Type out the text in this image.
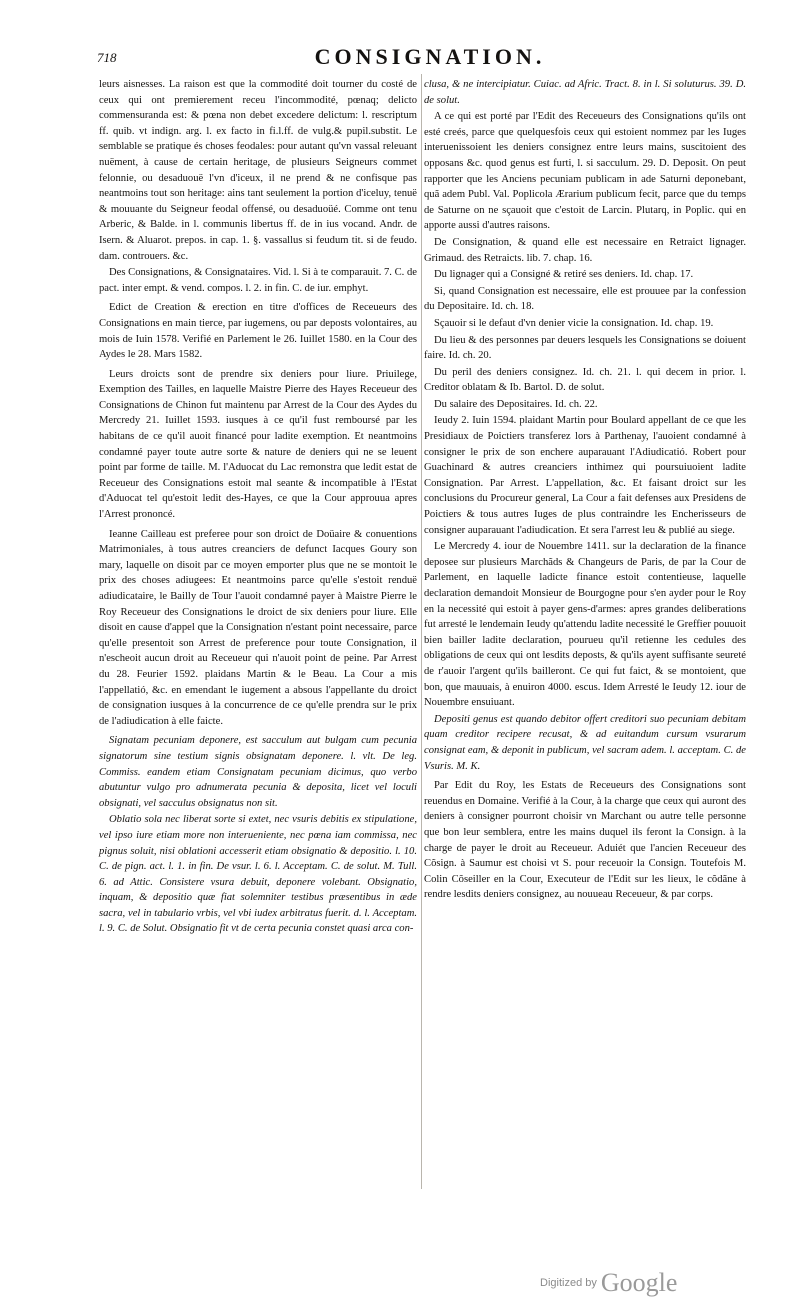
718	CONSIGNATION.

leurs aisnesses. La raison est que la commodité doit tourner du costé de ceux qui ont premierement receu l'incommodité, pœnaq; delicto commensuranda est: & pœna non debet excedere delictum: l. rescriptum ff. quib. vt indign. arg. l. ex facto in fi.l.ff. de vulg.& pupil.substit. Le semblable se pratique és choses feodales: pour autant qu'vn vassal releuant nuëment, à cause de certain heritage, de plusieurs Seigneurs commet felonnie, ou desaduouë l'vn d'iceux, il ne prend & ne confisque pas neantmoins tout son heritage: ains tant seulement la portion d'iceluy, tenuë & mouuante du Seigneur feodal offensé, ou desaduoüé. Comme ont tenu Arberic, & Balde. in l. communis libertus ff. de in ius vocand. Andr. de Isern. & Aluarot. prepos. in cap. 1. §. vassallus si feudum tit. si de feudo. dam. controuers. &c.

Des Consignations, & Consignataires. Vid. l. Si à te comparauit. 7. C. de pact. inter empt. & vend. compos. l. 2. in fin. C. de iur. emphyt.

Edict de Creation & erection en titre d'offices de Receueurs des Consignations en main tierce, par iugemens, ou par deposts volontaires, au mois de Iuin 1578. Verifié en Parlement le 26. Iuillet 1580. en la Cour des Aydes le 28. Mars 1582.

Leurs droicts sont de prendre six deniers pour liure. Priuilege, Exemption des Tailles, en laquelle Maistre Pierre des Hayes Receueur des Consignations de Chinon fut maintenu par Arrest de la Cour des Aydes du Mercredy 21. Iuillet 1593. iusques à ce qu'il fust remboursé par les habitans de ce qu'il auoit financé pour ladite exemption. Et neantmoins condamné payer toute autre sorte & nature de deniers qui ne se leuent point par forme de taille. M. l'Aduocat du Lac remonstra que ledit estat de Receueur des Consignations estoit mal seante & incompatible à l'Estat d'Aduocat tel qu'estoit ledit des-Hayes, ce que la Cour approuua apres l'Arrest prononcé.

Ieanne Cailleau est preferee pour son droict de Doüaire & conuentions Matrimoniales, à tous autres creanciers de defunct Iacques Goury son mary, laquelle on disoit par ce moyen emporter plus que ne se montoit le prix des choses adiugees: Et neantmoins parce qu'elle s'estoit renduë adiudicataire, le Bailly de Tour l'auoit condamné payer à Maistre Pierre le Roy Receueur des Consignations le droict de six deniers pour liure. Elle disoit en cause d'appel que la Consignation n'estant point necessaire, parce qu'elle presentoit son Arrest de preference pour toute Consignation, il n'escheoit aucun droit au Receueur qui n'auoit point de peine. Par Arrest du 28. Feurier 1592. plaidans Martin & le Beau. La Cour a mis l'appellatió, &c. en emendant le iugement a absous l'appellante du droict de consignation iusques à la concurrence de ce qu'elle prendra sur le prix de l'adiudication à elle faicte.

Signatam pecuniam deponere, est sacculum aut bulgam cum pecunia signatorum sine testium signis obsignatam deponere. l. vlt. De leg. Commiss. eandem etiam Consignatam pecuniam dicimus, quo verbo abutuntur vulgo pro adnumerata pecunia & deposita, licet vel loculi obsignati, vel sacculus obsignatus non sit.

Oblatio sola nec liberat sorte si extet, nec vsuris debitis ex stipulatione, vel ipso iure etiam more non interueniente, nec pœna iam commissa, nec pignus soluit, nisi oblationi accesserit etiam obsignatio & depositio. l. 10. C. de pign. act. l. 1. in fin. De vsur. l. 6. l. Acceptam. C. de solut. M. Tull. 6. ad Attic. Consistere vsura debuit, deponere volebant. Obsignatio, inquam, & depositio quæ fiat solemniter testibus præsentibus in æde sacra, vel in tabulario vrbis, vel vbi iudex arbitratus fuerit. d. l. Acceptam. l. 9. C. de Solut. Obsignatio fit vt de certa pecunia constet quasi arca con-

clusa, & ne intercipiatur. Cuiac. ad Afric. Tract. 8. in l. Si soluturus. 39. D. de solut.

A ce qui est porté par l'Edit des Receueurs des Consignations qu'ils ont esté creés, parce que quelquesfois ceux qui estoient nommez par les Iuges interuenissoient les deniers consignez entre leurs mains, suscitoient des opposans &c. quod genus est furti, l. si sacculum. 29. D. Deposit. On peut rapporter que les Anciens pecuniam publicam in ade Saturni deponebant, quã adem Publ. Val. Poplicola Ærarium publicum fecit, parce que du temps de Saturne on ne sçauoit que c'estoit de Larcin. Plutarq, in Poplic. qui en apporte aussi d'autres raisons.

De Consignation, & quand elle est necessaire en Retraict lignager. Grimaud. des Retraicts. lib. 7. chap. 16.

Du lignager qui a Consigné & retiré ses deniers. Id. chap. 17.

Si, quand Consignation est necessaire, elle est prouuee par la confession du Depositaire. Id. ch. 18.

Sçauoir si le defaut d'vn denier vicie la consignation. Id. chap. 19.

Du lieu & des personnes par deuers lesquels les Consignations se doiuent faire. Id. ch. 20.

Du peril des deniers consignez. Id. ch. 21. l. qui decem in prior. l. Creditor oblatam & Ib. Bartol. D. de solut.

Du salaire des Depositaires. Id. ch. 22.

Ieudy 2. Iuin 1594. plaidant Martin pour Boulard appellant de ce que les Presidiaux de Poictiers transferez lors à Parthenay, l'auoient condamné à consigner le prix de son enchere auparauant l'Adiudicatió. Robert pour Guachinard & autres creanciers inthimez qui poursuiuoient ladite Consignation. Par Arrest. L'appellation, &c. Et faisant droict sur les conclusions du Procureur general, La Cour a fait defenses aux Presidens de Poictiers & tous autres Iuges de plus contraindre les Encherisseurs de consigner auparauant l'adiudication. Et sera l'arrest leu & publié au siege.

Le Mercredy 4. iour de Nouembre 1411. sur la declaration de la finance deposee sur plusieurs Marchãds & Changeurs de Paris, de par la Cour de Parlement, en laquelle ladicte finance estoit contentieuse, laquelle declaration demandoit Monsieur de Bourgogne pour s'en ayder pour le Roy en la necessité qui estoit à payer gens-d'armes: apres grandes deliberations fut arresté le lendemain Ieudy qu'attendu ladite necessité le Greffier pouuoit bien bailler ladite declaration, pourueu qu'il retienne les cedules des obligations de ceux qui ont lesdits deposts, & qu'ils ayent suffisante seureté de r'auoir l'argent qu'ils bailleront. Ce qui fut faict, & se montoient, que bon, que mauuais, à enuiron 4000. escus. Idem Arresté le Ieudy 12. iour de Nouembre ensuiuant.

Depositi genus est quando debitor offert creditori suo pecuniam debitam quam creditor recipere recusat, & ad euitandum cursum vsurarum consignat eam, & deponit in publicum, vel sacram adem. l. acceptam. C. de Vsuris. M. K.

Par Edit du Roy, les Estats de Receueurs des Consignations sont reuendus en Domaine. Verifié à la Cour, à la charge que ceux qui auront des deniers à consigner pourront choisir vn Marchant ou autre telle personne que bon leur semblera, entre les mains duquel ils feront la Consign. à la charge de payer le droit au Receueur. Aduiét que l'ancien Receueur des Cõsign. à Saumur est choisi vt S. pour receuoir la Consign. Toutefois M. Colin Cõseiller en la Cour, Executeur de l'Edit sur les lieux, le cõdãne à rendre lesdits deniers consignez, au nouueau Receueur, & par corps.

Digitized by Google
